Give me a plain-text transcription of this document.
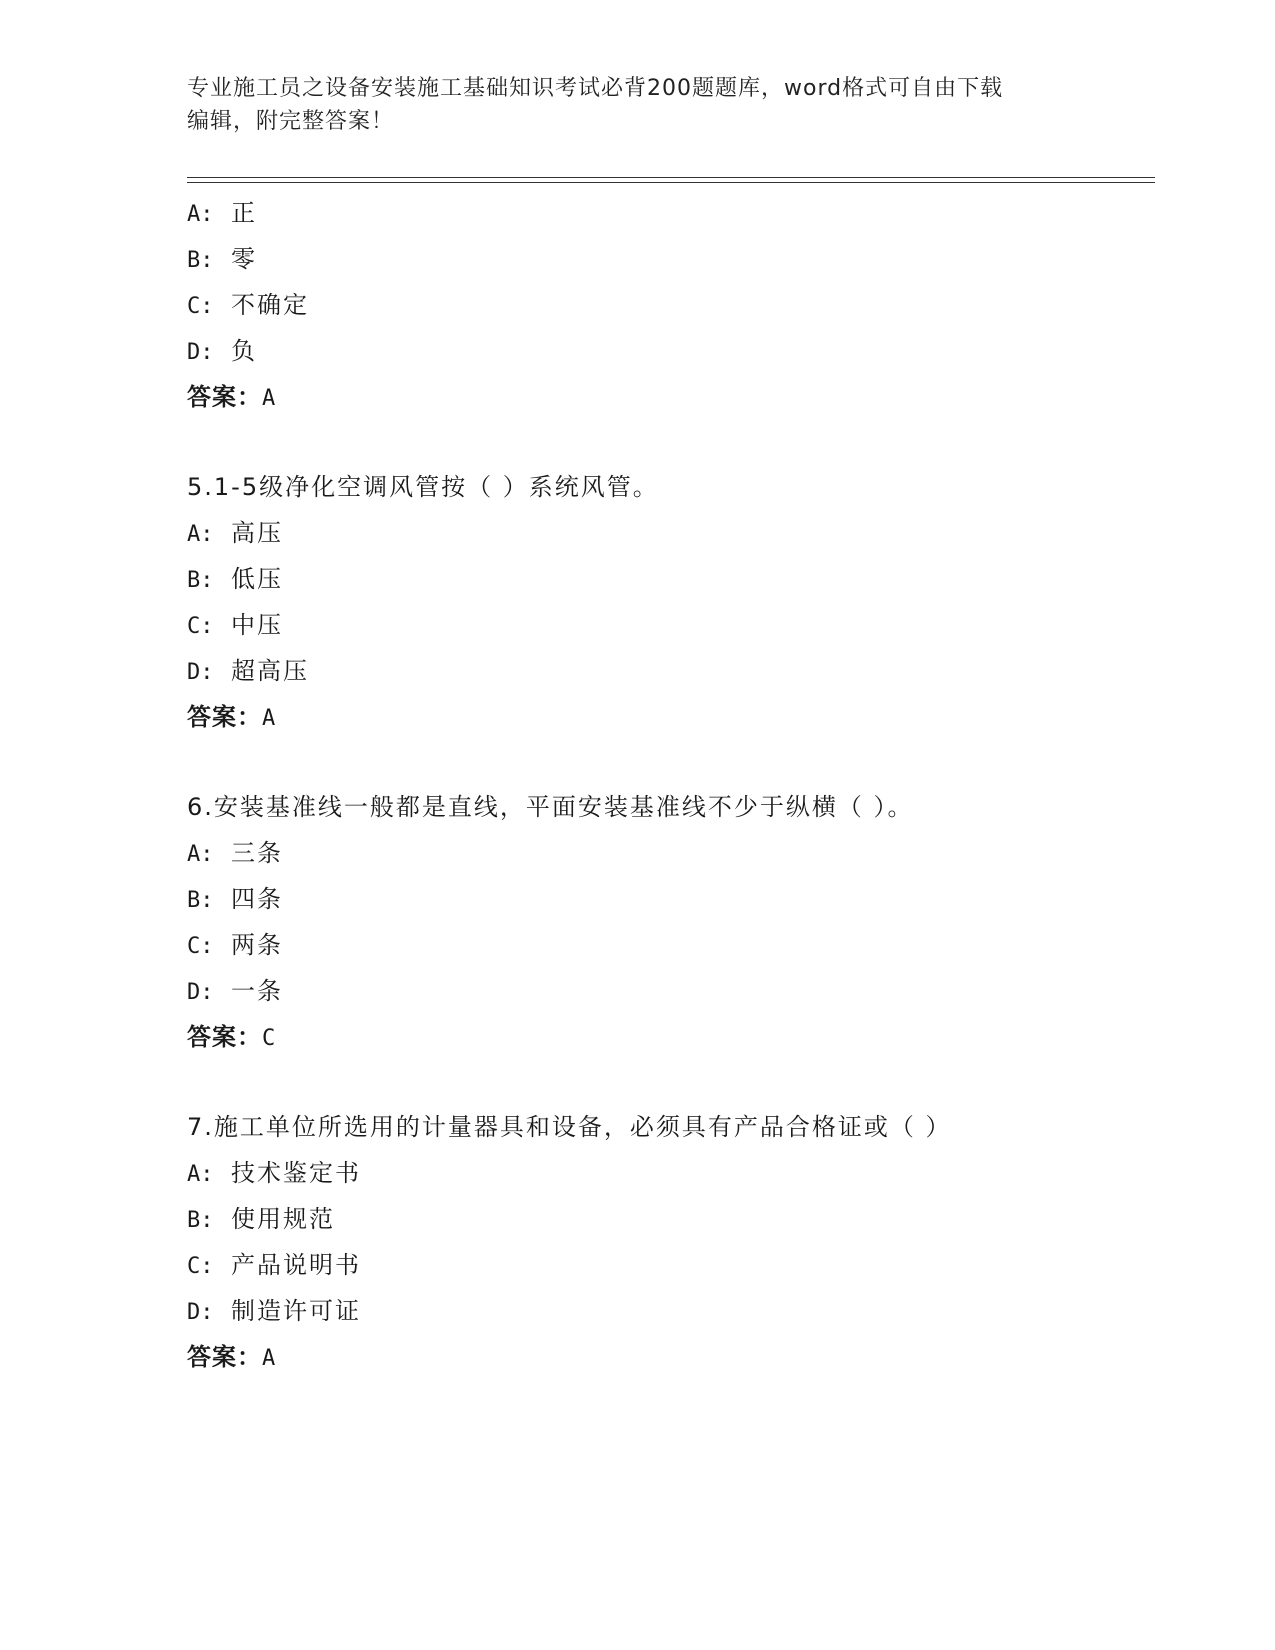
专业施工员之设备安装施工基础知识考试必背200题题库，word格式可自由下载
编辑，附完整答案！
A: 正
B: 零
C: 不确定
D: 负
答案：A
5.1-5级净化空调风管按（ ）系统风管。
A: 高压
B: 低压
C: 中压
D: 超高压
答案：A
6.安装基准线一般都是直线，平面安装基准线不少于纵横（ ）。
A: 三条
B: 四条
C: 两条
D: 一条
答案：C
7.施工单位所选用的计量器具和设备，必须具有产品合格证或（ ）
A: 技术鉴定书
B: 使用规范
C: 产品说明书
D: 制造许可证
答案：A
